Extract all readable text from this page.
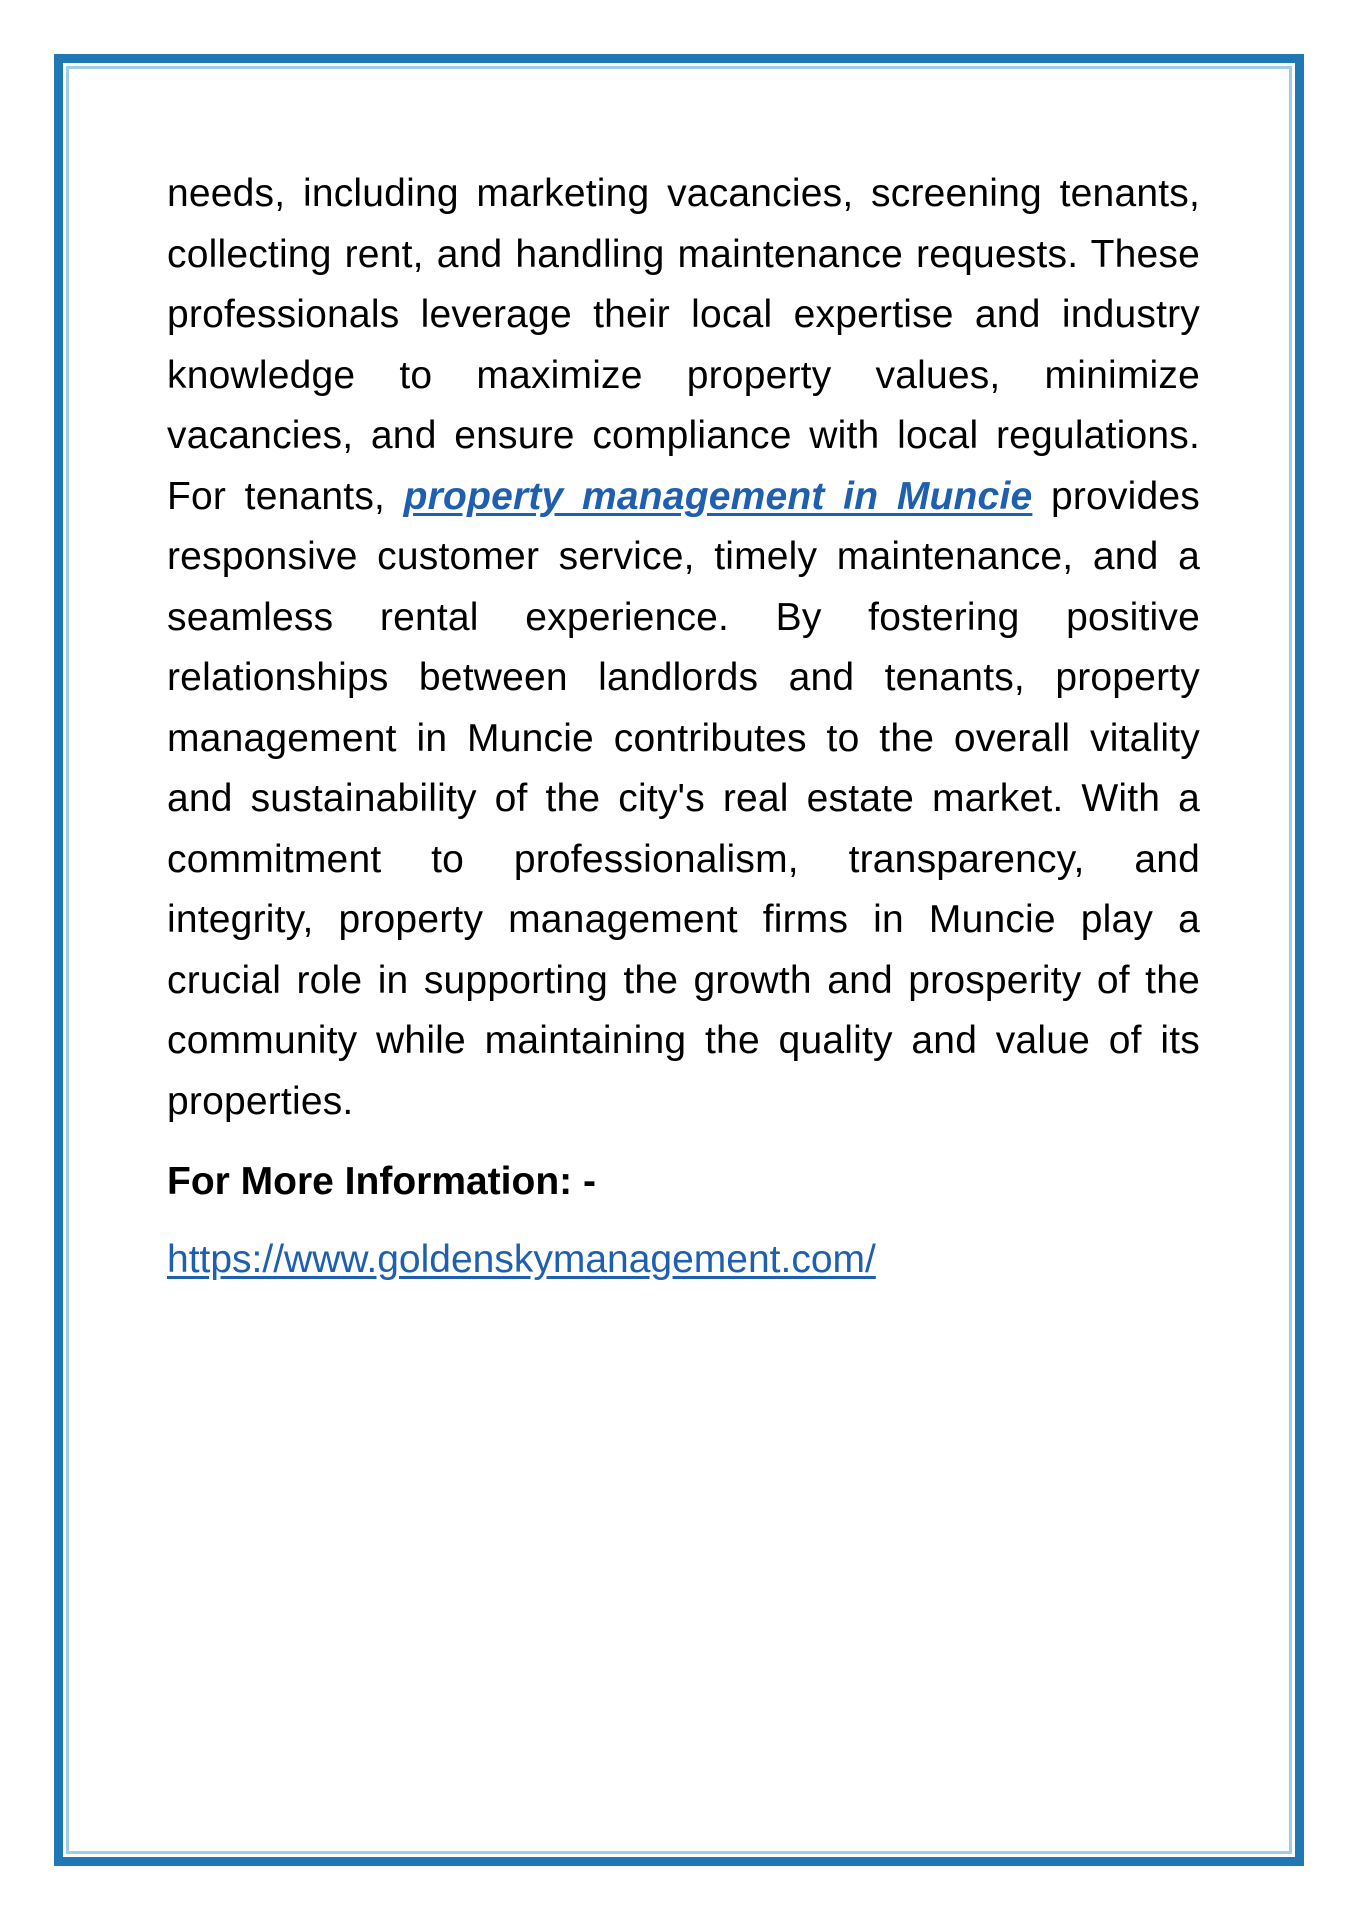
needs, including marketing vacancies, screening tenants, collecting rent, and handling maintenance requests. These professionals leverage their local expertise and industry knowledge to maximize property values, minimize vacancies, and ensure compliance with local regulations. For tenants, property management in Muncie provides responsive customer service, timely maintenance, and a seamless rental experience. By fostering positive relationships between landlords and tenants, property management in Muncie contributes to the overall vitality and sustainability of the city's real estate market. With a commitment to professionalism, transparency, and integrity, property management firms in Muncie play a crucial role in supporting the growth and prosperity of the community while maintaining the quality and value of its properties.

For More Information: -
https://www.goldenskymanagement.com/
